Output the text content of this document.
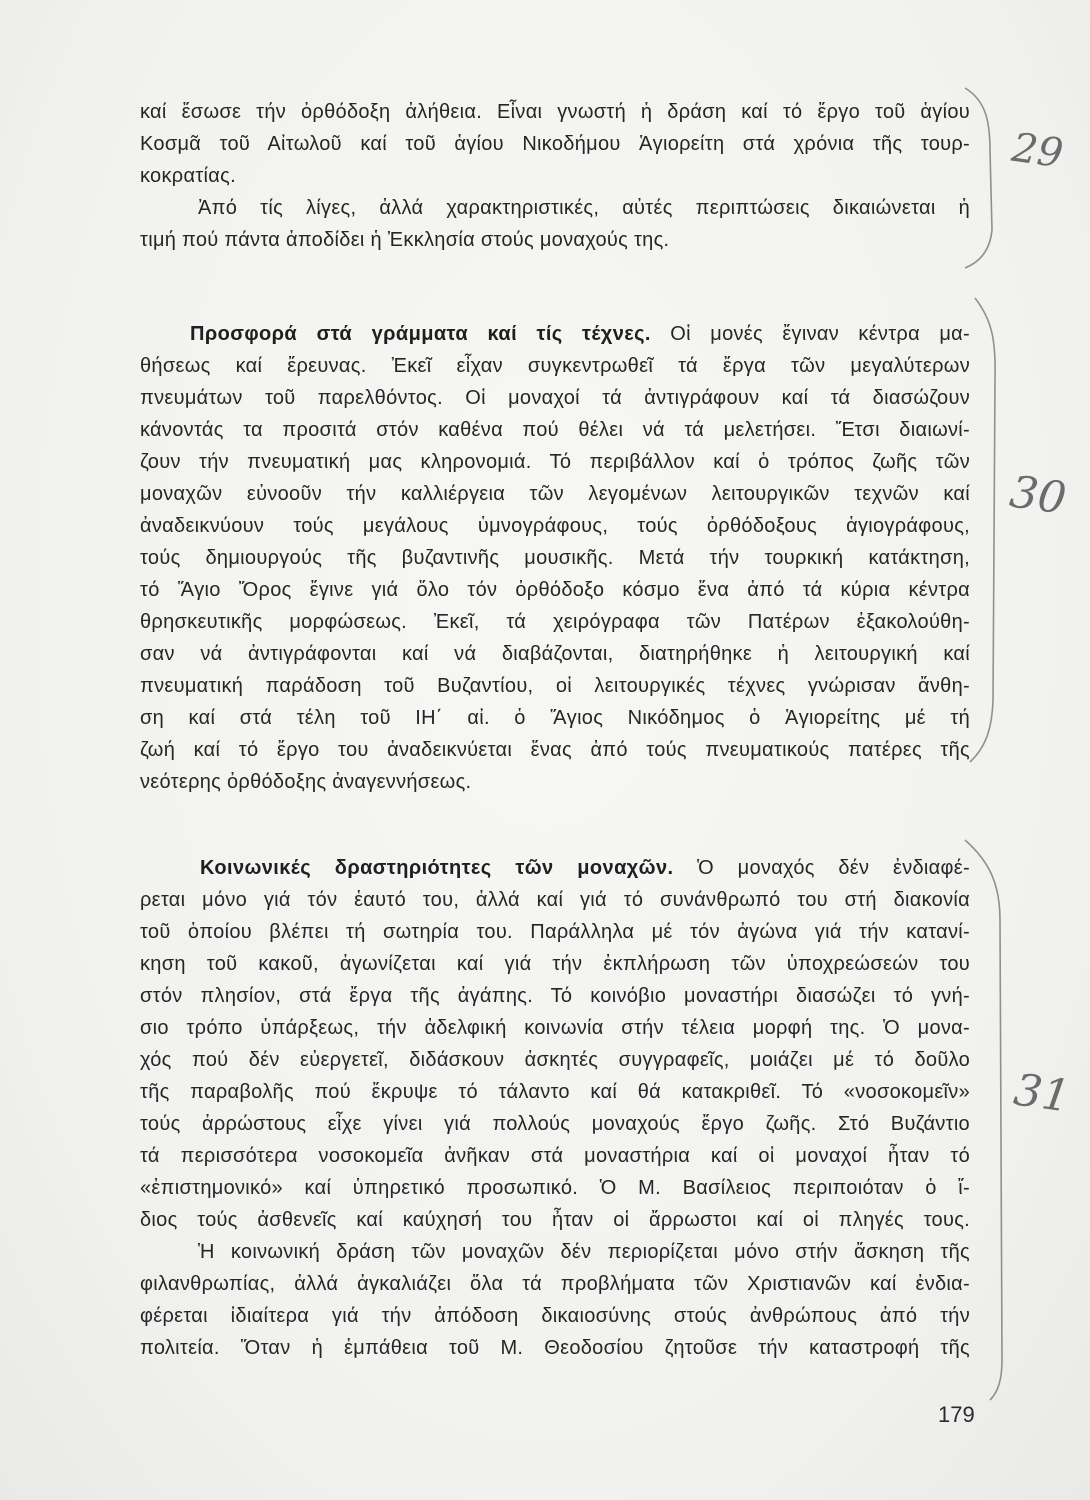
καί ἔσωσε τήν ὀρθόδοξη ἀλήθεια. Εἶναι γνωστή ἡ δράση καί τό ἔργο τοῦ ἁγίου
Κοσμᾶ τοῦ Αἰτωλοῦ καί τοῦ ἁγίου Νικοδήμου Ἁγιορείτη στά χρόνια τῆς τουρ-
κοκρατίας.
Ἀπό τίς λίγες, ἀλλά χαρακτηριστικές, αὐτές περιπτώσεις δικαιώνεται ἡ
τιμή πού πάντα ἀποδίδει ἡ Ἐκκλησία στούς μοναχούς της.
Προσφορά στά γράμματα καί τίς τέχνες. Οἱ μονές ἔγιναν κέντρα μα-
θήσεως καί ἔρευνας. Ἐκεῖ εἶχαν συγκεντρωθεῖ τά ἔργα τῶν μεγαλύτερων
πνευμάτων τοῦ παρελθόντος. Οἱ μοναχοί τά ἀντιγράφουν καί τά διασώζουν
κάνοντάς τα προσιτά στόν καθένα πού θέλει νά τά μελετήσει. Ἔτσι διαιωνί-
ζουν τήν πνευματική μας κληρονομιά. Τό περιβάλλον καί ὁ τρόπος ζωῆς τῶν
μοναχῶν εὐνοοῦν τήν καλλιέργεια τῶν λεγομένων λειτουργικῶν τεχνῶν καί
ἀναδεικνύουν τούς μεγάλους ὑμνογράφους, τούς ὀρθόδοξους ἁγιογράφους,
τούς δημιουργούς τῆς βυζαντινῆς μουσικῆς. Μετά τήν τουρκική κατάκτηση,
τό Ἅγιο Ὄρος ἔγινε γιά ὅλο τόν ὀρθόδοξο κόσμο ἕνα ἀπό τά κύρια κέντρα
θρησκευτικῆς μορφώσεως. Ἐκεῖ, τά χειρόγραφα τῶν Πατέρων ἐξακολούθη-
σαν νά ἀντιγράφονται καί νά διαβάζονται, διατηρήθηκε ἡ λειτουργική καί
πνευματική παράδοση τοῦ Βυζαντίου, οἱ λειτουργικές τέχνες γνώρισαν ἄνθη-
ση καί στά τέλη τοῦ ΙΗ΄ αἰ. ὁ Ἅγιος Νικόδημος ὁ Ἁγιορείτης μέ τή
ζωή καί τό ἔργο του ἀναδεικνύεται ἕνας ἀπό τούς πνευματικούς πατέρες τῆς
νεότερης ὀρθόδοξης ἀναγεννήσεως.
Κοινωνικές δραστηριότητες τῶν μοναχῶν. Ὁ μοναχός δέν ἐνδιαφέ-
ρεται μόνο γιά τόν ἑαυτό του, ἀλλά καί γιά τό συνάνθρωπό του στή διακονία
τοῦ ὁποίου βλέπει τή σωτηρία του. Παράλληλα μέ τόν ἀγώνα γιά τήν κατανί-
κηση τοῦ κακοῦ, ἀγωνίζεται καί γιά τήν ἐκπλήρωση τῶν ὑποχρεώσεών του
στόν πλησίον, στά ἔργα τῆς ἀγάπης. Τό κοινόβιο μοναστήρι διασώζει τό γνή-
σιο τρόπο ὑπάρξεως, τήν ἀδελφική κοινωνία στήν τέλεια μορφή της. Ὁ μονα-
χός πού δέν εὐεργετεῖ, διδάσκουν ἀσκητές συγγραφεῖς, μοιάζει μέ τό δοῦλο
τῆς παραβολῆς πού ἔκρυψε τό τάλαντο καί θά κατακριθεῖ. Τό «νοσοκομεῖν»
τούς ἀρρώστους εἶχε γίνει γιά πολλούς μοναχούς ἔργο ζωῆς. Στό Βυζάντιο
τά περισσότερα νοσοκομεῖα ἀνῆκαν στά μοναστήρια καί οἱ μοναχοί ἦταν τό
«ἐπιστημονικό» καί ὑπηρετικό προσωπικό. Ὁ Μ. Βασίλειος περιποιόταν ὁ ἴ-
διος τούς ἀσθενεῖς καί καύχησή του ἦταν οἱ ἄρρωστοι καί οἱ πληγές τους.
Ἡ κοινωνική δράση τῶν μοναχῶν δέν περιορίζεται μόνο στήν ἄσκηση τῆς
φιλανθρωπίας, ἀλλά ἀγκαλιάζει ὅλα τά προβλήματα τῶν Χριστιανῶν καί ἐνδια-
φέρεται ἰδιαίτερα γιά τήν ἀπόδοση δικαιοσύνης στούς ἀνθρώπους ἀπό τήν
πολιτεία. Ὅταν ἡ ἐμπάθεια τοῦ Μ. Θεοδοσίου ζητοῦσε τήν καταστροφή τῆς
179
29
30
31
